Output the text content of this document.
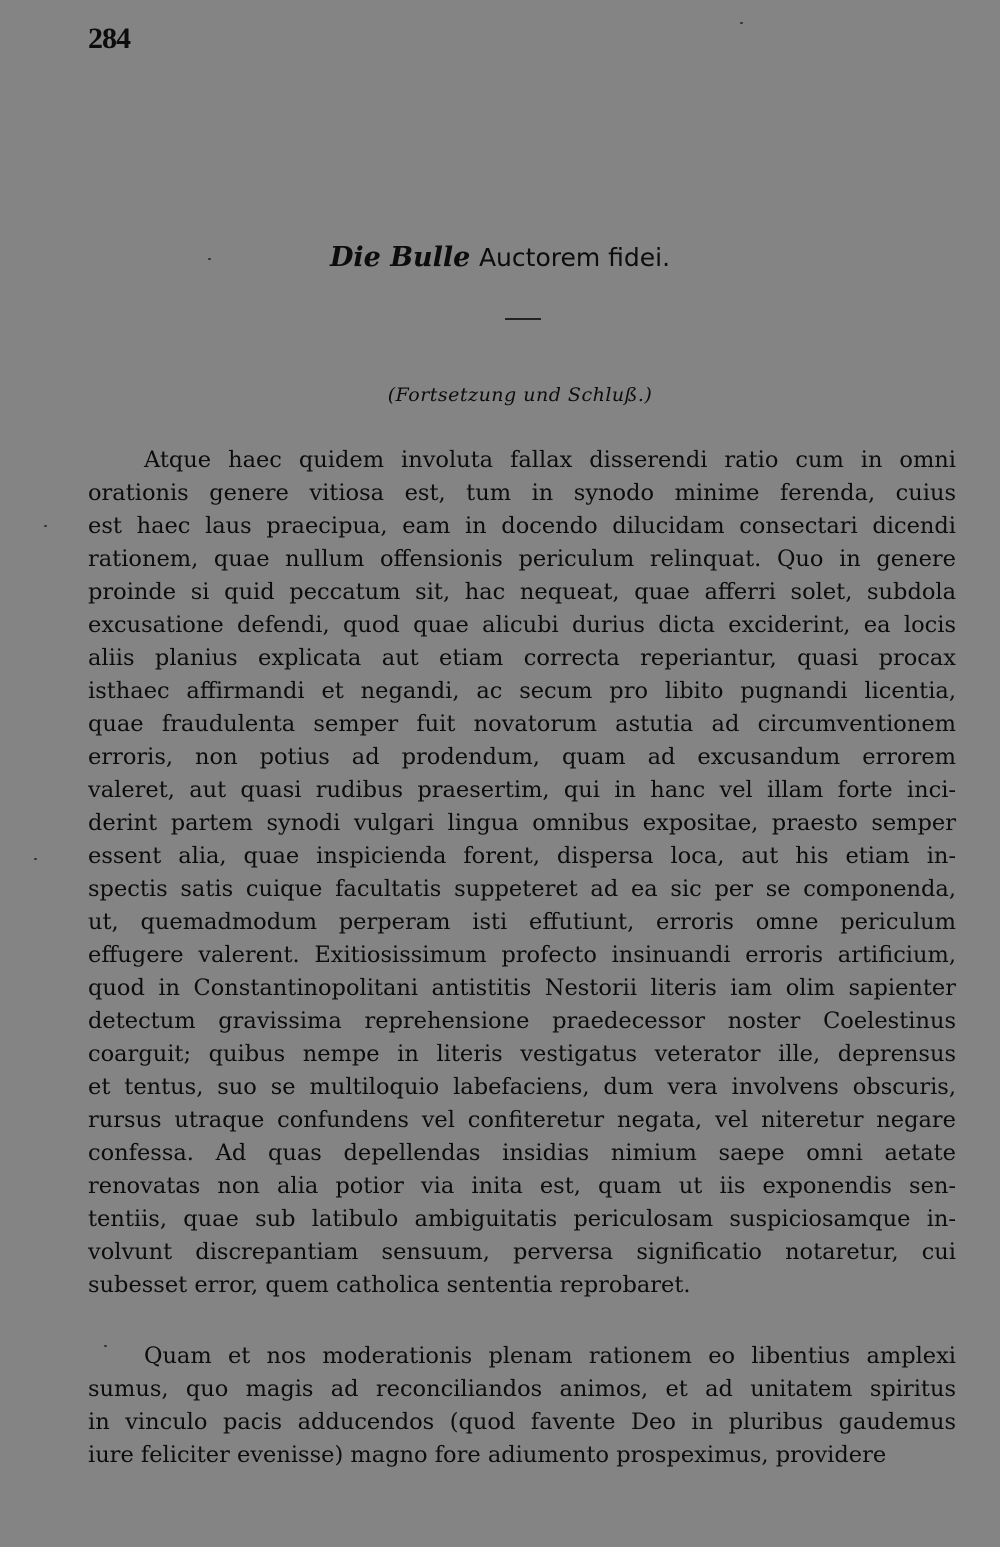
284
Die Bulle Auctorem fidei.
(Fortsetzung und Schluß.)
Atque haec quidem involuta fallax disserendi ratio cum in omni
orationis genere vitiosa est, tum in synodo minime ferenda, cuius
est haec laus praecipua, eam in docendo dilucidam consectari dicendi
rationem, quae nullum offensionis periculum relinquat. Quo in genere
proinde si quid peccatum sit, hac nequeat, quae afferri solet, subdola
excusatione defendi, quod quae alicubi durius dicta exciderint, ea locis
aliis planius explicata aut etiam correcta reperiantur, quasi procax
isthaec affirmandi et negandi, ac secum pro libito pugnandi licentia,
quae fraudulenta semper fuit novatorum astutia ad circumventionem
erroris, non potius ad prodendum, quam ad excusandum errorem
valeret, aut quasi rudibus praesertim, qui in hanc vel illam forte inci-
derint partem synodi vulgari lingua omnibus expositae, praesto semper
essent alia, quae inspicienda forent, dispersa loca, aut his etiam in-
spectis satis cuique facultatis suppeteret ad ea sic per se componenda,
ut, quemadmodum perperam isti effutiunt, erroris omne periculum
effugere valerent. Exitiosissimum profecto insinuandi erroris artificium,
quod in Constantinopolitani antistitis Nestorii literis iam olim sapienter
detectum gravissima reprehensione praedecessor noster Coelestinus
coarguit; quibus nempe in literis vestigatus veterator ille, deprensus
et tentus, suo se multiloquio labefaciens, dum vera involvens obscuris,
rursus utraque confundens vel confiteretur negata, vel niteretur negare
confessa. Ad quas depellendas insidias nimium saepe omni aetate
renovatas non alia potior via inita est, quam ut iis exponendis sen-
tentiis, quae sub latibulo ambiguitatis periculosam suspiciosamque in-
volvunt discrepantiam sensuum, perversa significatio notaretur, cui
subesset error, quem catholica sententia reprobaret.
Quam et nos moderationis plenam rationem eo libentius amplexi
sumus, quo magis ad reconciliandos animos, et ad unitatem spiritus
in vinculo pacis adducendos (quod favente Deo in pluribus gaudemus
iure feliciter evenisse) magno fore adiumento prospeximus, providere
